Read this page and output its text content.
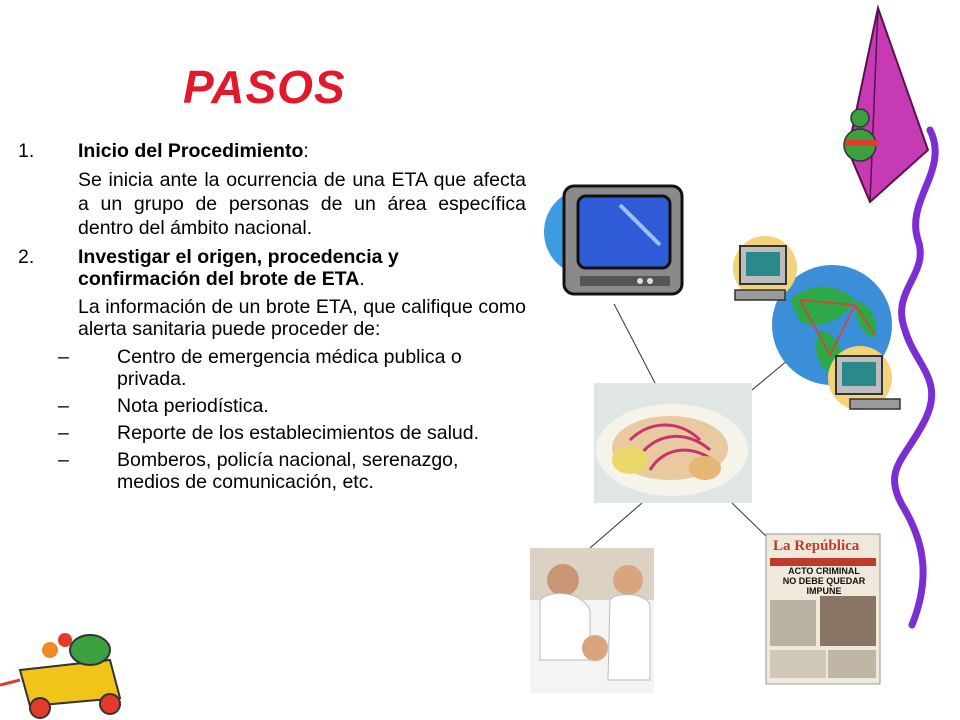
PASOS
1.	Inicio del Procedimiento:
Se inicia ante la ocurrencia de una ETA que afecta a un grupo de personas de un área específica dentro del ámbito nacional.
2.	Investigar el origen, procedencia y confirmación del brote de ETA.
La información de un brote ETA, que califique como alerta sanitaria puede proceder de:
–	Centro de emergencia médica publica o privada.
–	Nota periodística.
–	Reporte de los establecimientos de salud.
–	Bomberos, policía nacional, serenazgo, medios de comunicación, etc.
La República
ACTO CRIMINAL
NO DEBE QUEDAR
IMPUNE
